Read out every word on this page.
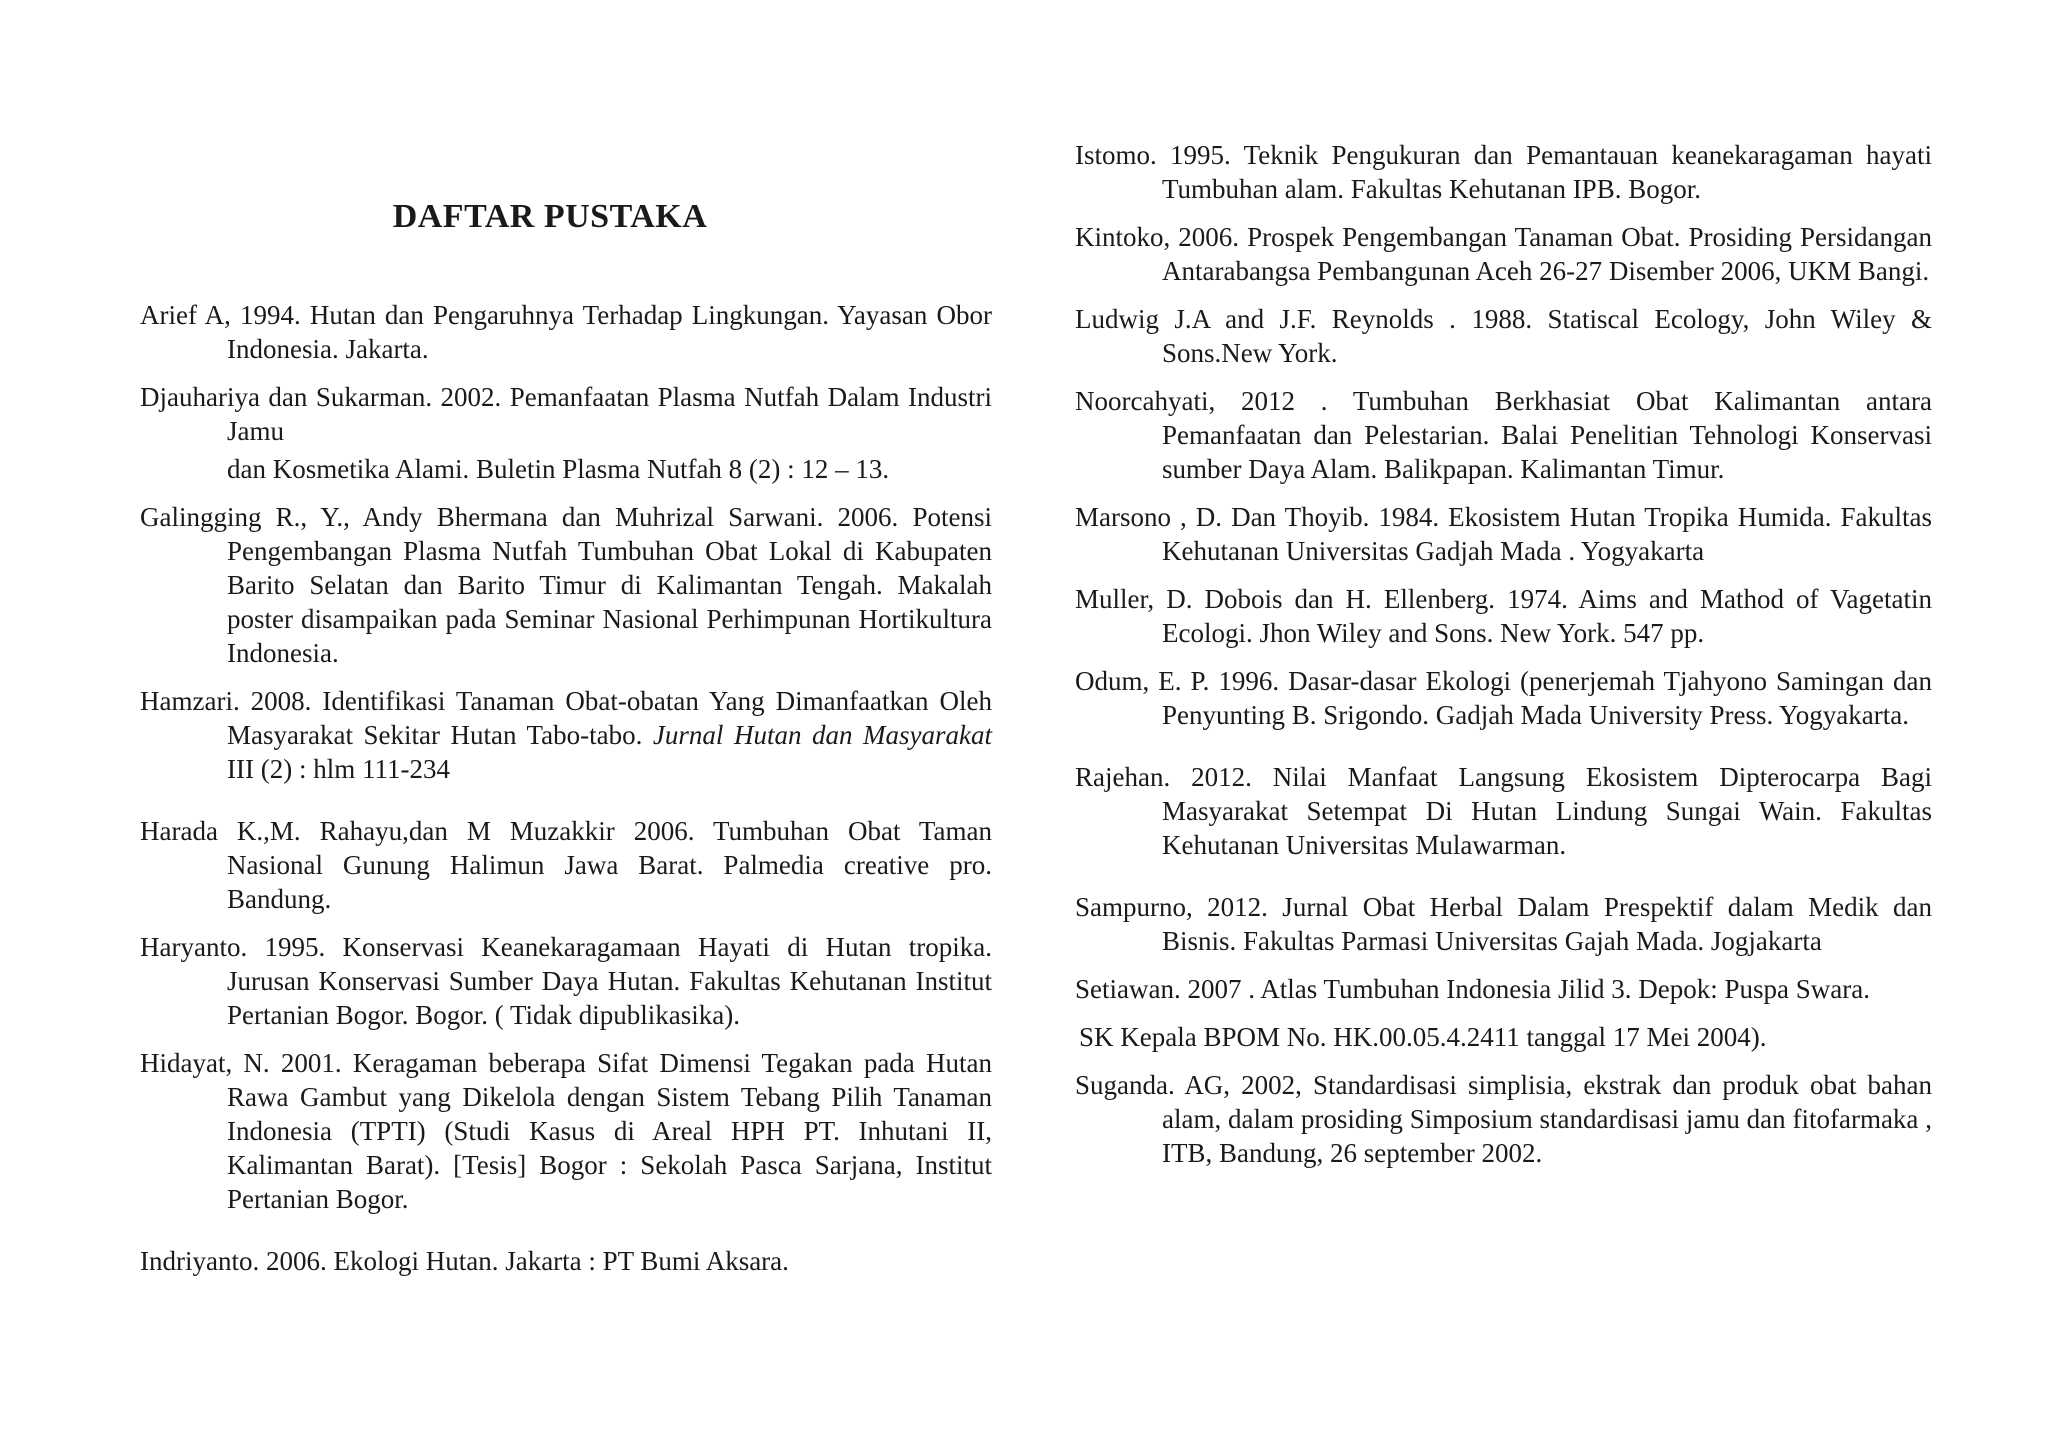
DAFTAR PUSTAKA

Arief A, 1994. Hutan dan Pengaruhnya Terhadap Lingkungan. Yayasan Obor Indonesia. Jakarta.

Djauhariya dan Sukarman. 2002. Pemanfaatan Plasma Nutfah Dalam Industri Jamu

dan Kosmetika Alami. Buletin Plasma Nutfah 8 (2) : 12 – 13.

Galingging R., Y., Andy Bhermana dan Muhrizal Sarwani. 2006. Potensi Pengembangan Plasma Nutfah Tumbuhan Obat Lokal di Kabupaten Barito Selatan dan Barito Timur di Kalimantan Tengah. Makalah poster disampaikan pada Seminar Nasional Perhimpunan Hortikultura Indonesia.

Hamzari. 2008. Identifikasi Tanaman Obat-obatan Yang Dimanfaatkan Oleh Masyarakat Sekitar Hutan Tabo-tabo. Jurnal Hutan dan Masyarakat III (2) : hlm 111-234

Harada K.,M. Rahayu,dan M Muzakkir 2006. Tumbuhan Obat Taman Nasional Gunung Halimun Jawa Barat. Palmedia creative pro. Bandung.

Haryanto. 1995. Konservasi Keanekaragamaan Hayati di Hutan tropika. Jurusan Konservasi Sumber Daya Hutan. Fakultas Kehutanan Institut Pertanian Bogor. Bogor. ( Tidak dipublikasika).

Hidayat, N. 2001. Keragaman beberapa Sifat Dimensi Tegakan pada Hutan Rawa Gambut yang Dikelola dengan Sistem Tebang Pilih Tanaman Indonesia (TPTI) (Studi Kasus di Areal HPH PT. Inhutani II, Kalimantan Barat). [Tesis] Bogor : Sekolah Pasca Sarjana, Institut Pertanian Bogor.

Indriyanto. 2006. Ekologi Hutan. Jakarta : PT Bumi Aksara.

Istomo. 1995. Teknik Pengukuran dan Pemantauan keanekaragaman hayati Tumbuhan alam. Fakultas Kehutanan IPB. Bogor.

Kintoko, 2006. Prospek Pengembangan Tanaman Obat. Prosiding Persidangan Antarabangsa Pembangunan Aceh 26-27 Disember 2006, UKM Bangi.

Ludwig J.A and J.F. Reynolds . 1988. Statiscal Ecology, John Wiley & Sons.New York.

Noorcahyati, 2012 . Tumbuhan Berkhasiat Obat Kalimantan antara Pemanfaatan dan Pelestarian. Balai Penelitian Tehnologi Konservasi sumber Daya Alam. Balikpapan. Kalimantan Timur.

Marsono , D. Dan Thoyib. 1984. Ekosistem Hutan Tropika Humida. Fakultas Kehutanan Universitas Gadjah Mada . Yogyakarta

Muller, D. Dobois dan H. Ellenberg. 1974. Aims and Mathod of Vagetatin Ecologi. Jhon Wiley and Sons. New York. 547 pp.

Odum, E. P. 1996. Dasar-dasar Ekologi (penerjemah Tjahyono Samingan dan Penyunting B. Srigondo. Gadjah Mada University Press. Yogyakarta.

Rajehan. 2012. Nilai Manfaat Langsung Ekosistem Dipterocarpa Bagi Masyarakat Setempat Di Hutan Lindung Sungai Wain. Fakultas Kehutanan Universitas Mulawarman.

Sampurno, 2012. Jurnal Obat Herbal Dalam Prespektif dalam Medik dan Bisnis. Fakultas Parmasi Universitas Gajah Mada. Jogjakarta

Setiawan. 2007 . Atlas Tumbuhan Indonesia Jilid 3. Depok: Puspa Swara.

SK Kepala BPOM No. HK.00.05.4.2411 tanggal 17 Mei 2004).

Suganda. AG, 2002, Standardisasi simplisia, ekstrak dan produk obat bahan alam, dalam prosiding Simposium standardisasi jamu dan fitofarmaka , ITB, Bandung, 26 september 2002.
